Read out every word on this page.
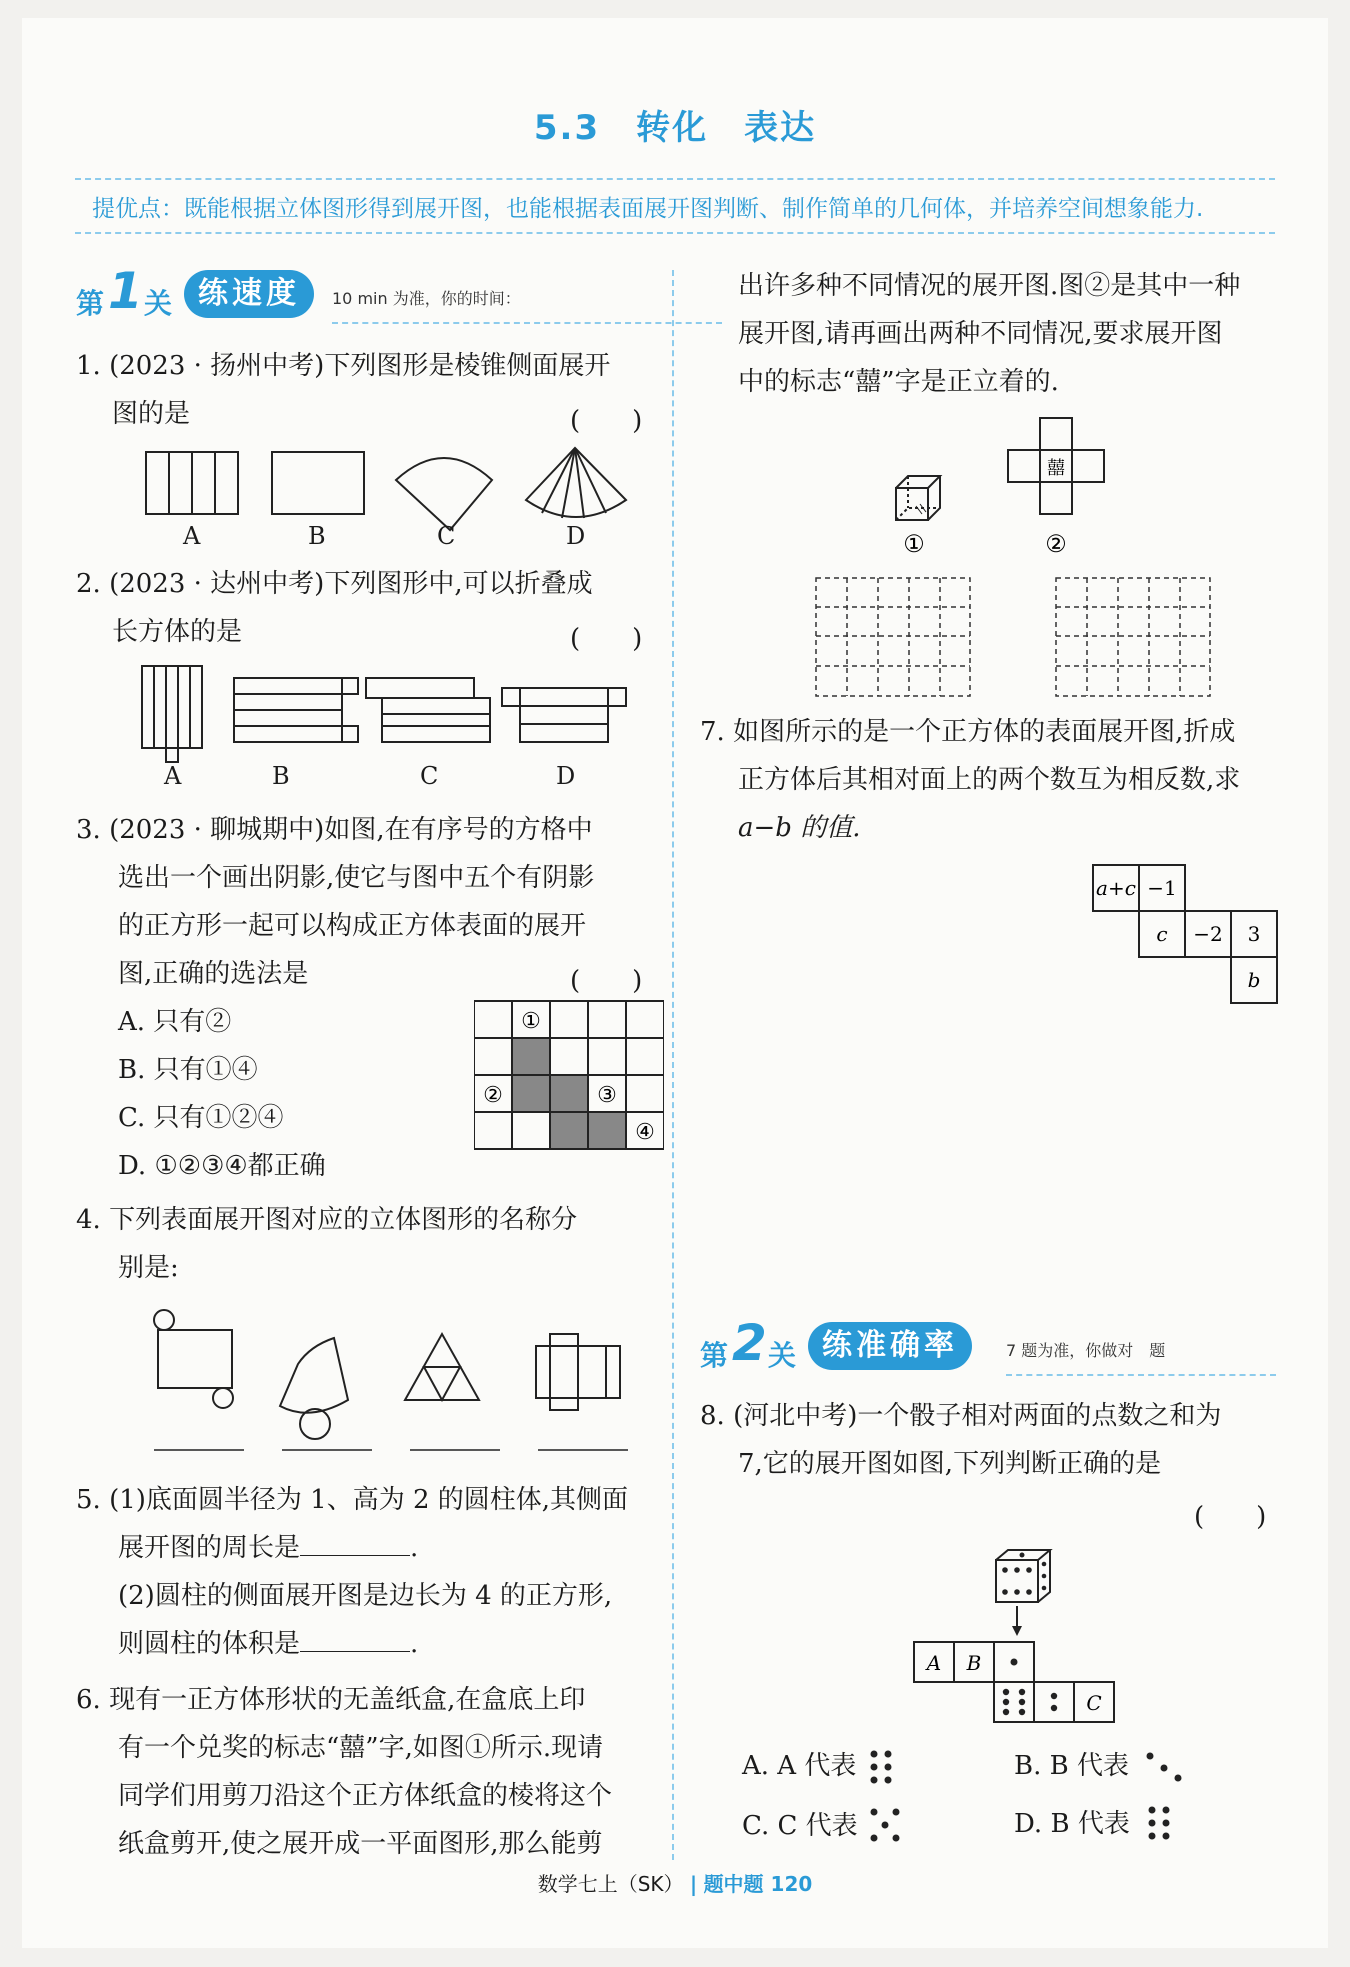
5.3　转化　表达
提优点：既能根据立体图形得到展开图，也能根据表面展开图判断、制作简单的几何体，并培养空间想象能力.
第 1 关 练速度	10 min 为准，你的时间：
1. (2023 · 扬州中考)下列图形是棱锥侧面展开
图的是	(　　)
A	B	C	D
2. (2023 · 达州中考)下列图形中,可以折叠成
长方体的是	(　　)
A	B	C	D
3. (2023 · 聊城期中)如图,在有序号的方格中
选出一个画出阴影,使它与图中五个有阴影
的正方形一起可以构成正方体表面的展开
图,正确的选法是	(　　)
A. 只有②
B. 只有①④
C. 只有①②④
D. ①②③④都正确
①
②	③
④
4. 下列表面展开图对应的立体图形的名称分
别是:
5. (1)底面圆半径为 1、高为 2 的圆柱体,其侧面
展开图的周长是	.
(2)圆柱的侧面展开图是边长为 4 的正方形,
则圆柱的体积是	.
6. 现有一正方体形状的无盖纸盒,在盒底上印
有一个兑奖的标志“囍”字,如图①所示.现请
同学们用剪刀沿这个正方体纸盒的棱将这个
纸盒剪开,使之展开成一平面图形,那么能剪
出许多种不同情况的展开图.图②是其中一种
展开图,请再画出两种不同情况,要求展开图
中的标志“囍”字是正立着的.
囍
①	②
7. 如图所示的是一个正方体的表面展开图,折成
正方体后其相对面上的两个数互为相反数,求
a−b 的值.
a+c −1
c −2 3
b
第 2 关 练准确率	7 题为准，你做对　题
8. (河北中考)一个骰子相对两面的点数之和为
7,它的展开图如图,下列判断正确的是
(　　)
A B
C
A. A 代表	B. B 代表
C. C 代表	D. B 代表
数学七上（SK） | 题中题 120
